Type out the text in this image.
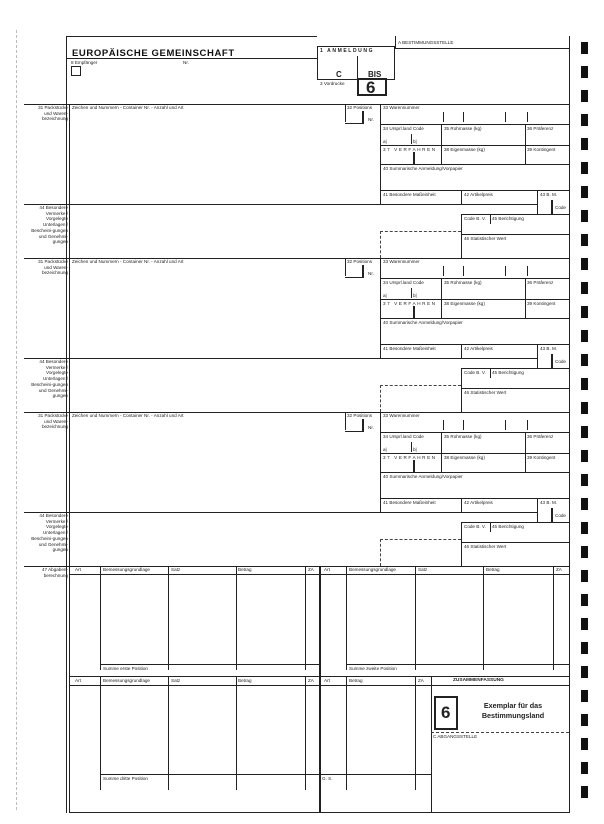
A BESTIMMUNGSSTELLE
EUROPÄISCHE GEMEINSCHAFT
8 Empfänger	Nr.
1 ANMELDUNG
C	BIS
3 Vordrucke 6
31 Packstücke und Waren-bezeichnung
Zeichen und Nummern - Container Nr. - Anzahl und Art	32 Positions
Nr.
33 Warennummer
34 Ursprl.land Code	35 Rohmasse (kg)	36 Präferenz
a|	b|
37 VERFAHREN 38 Eigenmasse (kg)	39 Kontingent
40 Summarische Anmeldung/Vorpapier
41 Besondere Maßeinheit	42 Artikelpreis	43 B. M.
Code
44 Besondere Vermerke / Vorgelegte Unterlagen / Bescheini-gungen und Genehmi-gungen
Code B. V. 45 Berichtigung
46 Statistischer Wert
31 Packstücke und Waren-bezeichnung
Zeichen und Nummern - Container Nr. - Anzahl und Art	32 Positions
Nr.
33 Warennummer
34 Ursprl.land Code	35 Rohmasse (kg)	36 Präferenz
a|	b|
37 VERFAHREN 38 Eigenmasse (kg)	39 Kontingent
40 Summarische Anmeldung/Vorpapier
41 Besondere Maßeinheit	42 Artikelpreis	43 B. M.
Code
44 Besondere Vermerke / Vorgelegte Unterlagen / Bescheini-gungen und Genehmi-gungen
Code B. V. 45 Berichtigung
46 Statistischer Wert
31 Packstücke und Waren-bezeichnung
Zeichen und Nummern - Container Nr. - Anzahl und Art	32 Positions
Nr.
33 Warennummer
34 Ursprl.land Code	35 Rohmasse (kg)	36 Präferenz
a|	b|
37 VERFAHREN 38 Eigenmasse (kg)	39 Kontingent
40 Summarische Anmeldung/Vorpapier
41 Besondere Maßeinheit	42 Artikelpreis	43 B. M.
Code
44 Besondere Vermerke / Vorgelegte Unterlagen / Bescheini-gungen und Genehmi-gungen
Code B. V. 45 Berichtigung
46 Statistischer Wert
47 Abgaben-berechnung
Art	Bemessungsgrundlage	Satz	Betrag	ZA
Summe erste Position
Art	Bemessungsgrundlage	Satz	Betrag	ZA
Summe zweite Position
Art	Bemessungsgrundlage	Satz	Betrag	ZA
Summe dritte Position
Art	Betrag	ZA	ZUSAMMENFASSUNG
G. S.
6	Exemplar für das
Bestimmungsland
C ABGANGSSTELLE
